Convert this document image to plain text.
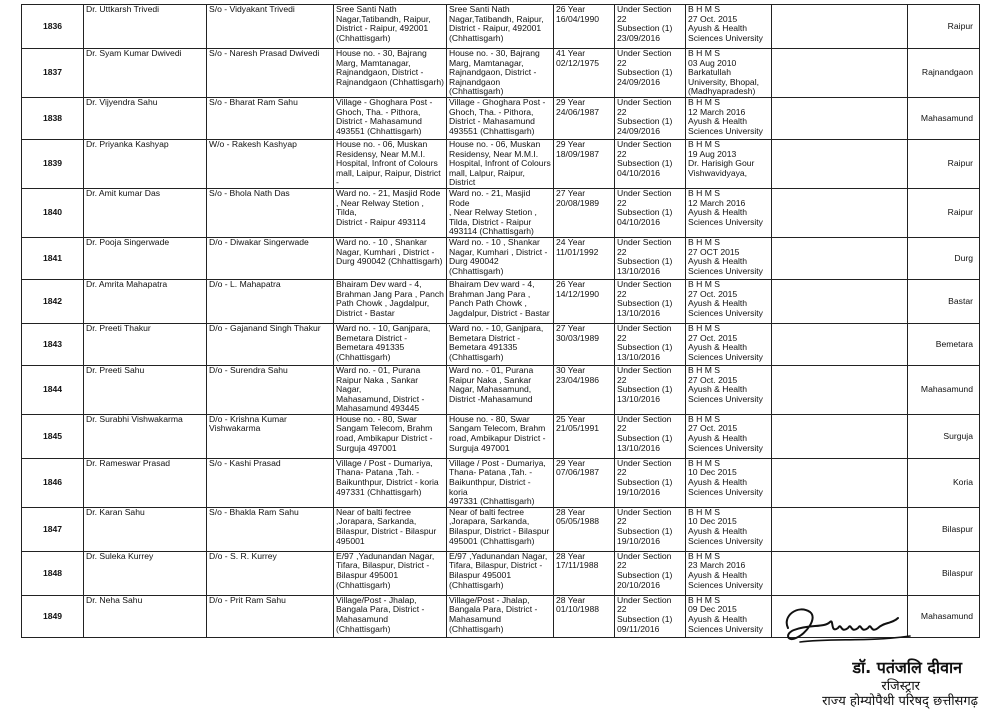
1836	Dr. Uttkarsh Trivedi	S/o - Vidyakant Trivedi	Sree Santi Nath
Nagar,Tatibandh, Raipur,
District - Raipur, 492001
(Chhattisgarh)	Sree Santi Nath
Nagar,Tatibandh, Raipur,
District - Raipur, 492001
(Chhattisgarh)	26 Year
16/04/1990	Under Section 22
Subsection (1)
23/09/2016	B H M S
27 Oct. 2015
Ayush & Health
Sciences University		Raipur
1837	Dr. Syam Kumar Dwivedi	S/o - Naresh Prasad Dwivedi	House no. - 30, Bajrang
Marg, Mamtanagar,
Rajnandgaon, District -
Rajnandgaon (Chhattisgarh)	House no. - 30, Bajrang
Marg, Mamtanagar,
Rajnandgaon, District -
Rajnandgaon (Chhattisgarh)	41 Year
02/12/1975	Under Section 22
Subsection (1)
24/09/2016	B H M S
03 Aug 2010
Barkatullah
University, Bhopal,
(Madhyapradesh)		Rajnandgaon
1838	Dr. Vijyendra Sahu	S/o - Bharat Ram Sahu	Village - Ghoghara Post -
Ghoch, Tha. - Pithora,
District - Mahasamund
493551 (Chhattisgarh)	Village - Ghoghara Post -
Ghoch, Tha. - Pithora,
District - Mahasamund
493551 (Chhattisgarh)	29 Year
24/06/1987	Under Section 22
Subsection (1)
24/09/2016	B H M S
12 March 2016
Ayush & Health
Sciences University		Mahasamund
1839	Dr. Priyanka Kashyap	W/o - Rakesh Kashyap	House no. - 06, Muskan
Residensy, Near M.M.I.
Hospital, Infront of Colours
mall, Laipur, Raipur, District -	House no. - 06, Muskan
Residensy, Near M.M.I.
Hospital, Infront of Colours
mall, Lalpur, Raipur, District	29 Year
18/09/1987	Under Section 22
Subsection (1)
04/10/2016	B H M S
19 Aug 2013
Dr. Harisigh Gour
Vishwavidyaya,		Raipur
1840	Dr. Amit kumar Das	S/o - Bhola Nath Das	Ward no. - 21, Masjid Rode
, Near Relway Stetion , Tilda,
District - Raipur 493114	Ward no. - 21, Masjid Rode
, Near Relway Stetion ,
Tilda, District - Raipur
493114 (Chhattisgarh)	27 Year
20/08/1989	Under Section 22
Subsection (1)
04/10/2016	B H M S
12 March 2016
Ayush & Health
Sciences University		Raipur
1841	Dr. Pooja Singerwade	D/o - Diwakar Singerwade	Ward no. - 10 , Shankar
Nagar, Kumhari , District -
Durg 490042 (Chhattisgarh)	Ward no. - 10 , Shankar
Nagar, Kumhari , District -
Durg 490042
(Chhattisgarh)	24 Year
11/01/1992	Under Section 22
Subsection (1)
13/10/2016	B H M S
27 OCT 2015
Ayush & Health
Sciences University		Durg
1842	Dr. Amrita Mahapatra	D/o - L. Mahapatra	Bhairam Dev ward - 4,
Brahman Jang Para , Panch
Path Chowk , Jagdalpur,
District - Bastar	Bhairam Dev ward - 4,
Brahman Jang Para ,
Panch Path Chowk ,
Jagdalpur, District - Bastar	26 Year
14/12/1990	Under Section 22
Subsection (1)
13/10/2016	B H M S
27 Oct. 2015
Ayush & Health
Sciences University		Bastar
1843	Dr. Preeti Thakur	D/o - Gajanand Singh Thakur	Ward no. - 10, Ganjpara,
Bemetara District -
Bemetara 491335
(Chhattisgarh)	Ward no. - 10, Ganjpara,
Bemetara District -
Bemetara 491335
(Chhattisgarh)	27 Year
30/03/1989	Under Section 22
Subsection (1)
13/10/2016	B H M S
27 Oct. 2015
Ayush & Health
Sciences University		Bemetara
1844	Dr. Preeti Sahu	D/o - Surendra Sahu	Ward no. - 01, Purana
Raipur Naka , Sankar Nagar,
Mahasamund, District -
Mahasamund 493445	Ward no. - 01, Purana
Raipur Naka , Sankar
Nagar, Mahasamund,
District -Mahasamund	30 Year
23/04/1986	Under Section 22
Subsection (1)
13/10/2016	B H M S
27 Oct. 2015
Ayush & Health
Sciences University		Mahasamund
1845	Dr. Surabhi Vishwakarma	D/o - Krishna Kumar
Vishwakarma	House no. - 80, Swar
Sangam Telecom, Brahm
road, Ambikapur District -
Surguja 497001	House no. - 80, Swar
Sangam Telecom, Brahm
road, Ambikapur District -
Surguja 497001	25 Year
21/05/1991	Under Section 22
Subsection (1)
13/10/2016	B H M S
27 Oct. 2015
Ayush & Health
Sciences University		Surguja
1846	Dr. Rameswar Prasad	S/o - Kashi Prasad	Village / Post - Dumariya,
Thana- Patana ,Tah. -
Baikunthpur, District - koria
497331 (Chhattisgarh)	Village / Post - Dumariya,
Thana- Patana ,Tah. -
Baikunthpur, District - koria
497331 (Chhattisgarh)	29 Year
07/06/1987	Under Section 22
Subsection (1)
19/10/2016	B H M S
10 Dec 2015
Ayush & Health
Sciences University		Koria
1847	Dr. Karan Sahu	S/o - Bhakla Ram Sahu	Near of balti fectree
,Jorapara, Sarkanda,
Bilaspur, District - Bilaspur
495001	Near of balti fectree
,Jorapara, Sarkanda,
Bilaspur, District - Bilaspur
495001 (Chhattisgarh)	28 Year
05/05/1988	Under Section 22
Subsection (1)
19/10/2016	B H M S
10 Dec 2015
Ayush & Health
Sciences University		Bilaspur
1848	Dr. Suleka Kurrey	D/o - S. R. Kurrey	E/97 ,Yadunandan Nagar,
Tifara, Bilaspur, District -
Bilaspur 495001
(Chhattisgarh)	E/97 ,Yadunandan Nagar,
Tifara, Bilaspur, District -
Bilaspur 495001
(Chhattisgarh)	28 Year
17/11/1988	Under Section 22
Subsection (1)
20/10/2016	B H M S
23 March 2016
Ayush & Health
Sciences University		Bilaspur
1849	Dr. Neha Sahu	D/o - Prit Ram Sahu	Village/Post - Jhalap,
Bangala Para, District -
Mahasamund (Chhattisgarh)	Village/Post - Jhalap,
Bangala Para, District -
Mahasamund
(Chhattisgarh)	28 Year
01/10/1988	Under Section 22
Subsection (1)
09/11/2016	B H M S
09 Dec 2015
Ayush & Health
Sciences University		Mahasamund
डॉ. पतंजलि दीवान
रजिस्ट्रार
राज्य होम्योपैथी परिषद् छत्तीसगढ़
